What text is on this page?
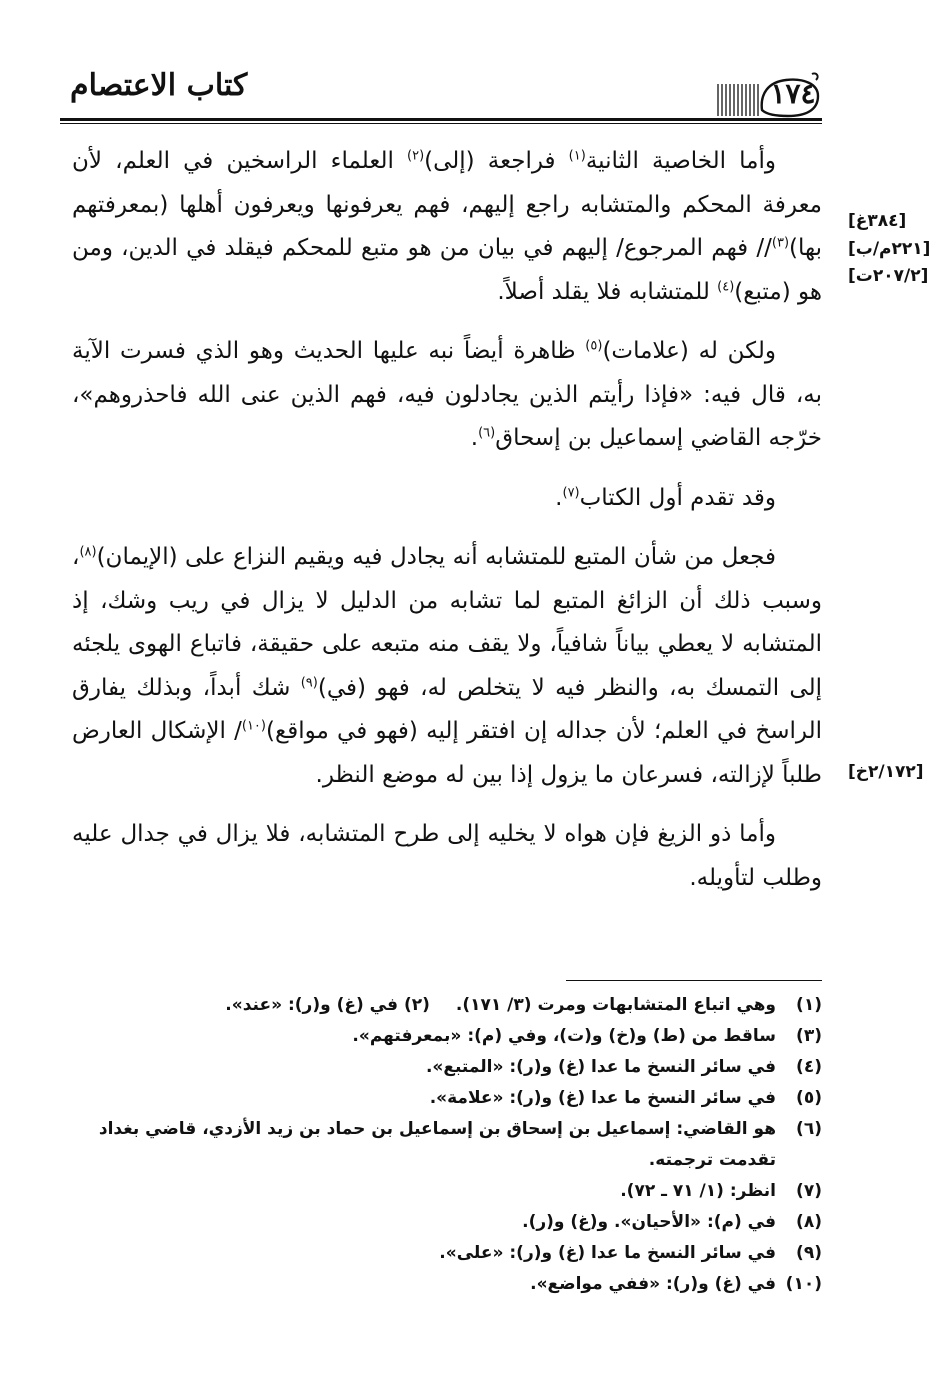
كتاب الاعتصام	١٧٤
[٣٨٤غ]
[٢٢١م/ب]
[٢٠٧/٢ت]
[٢/١٧٢خ]

وأما الخاصية الثانية$^{(١)}$ فراجعة (إلى)$^{(٢)}$ العلماء الراسخين في العلم، لأن معرفة المحكم والمتشابه راجع إليهم، فهم يعرفونها ويعرفون أهلها (بمعرفتهم بها)$^{(٣)}$// فهم المرجوع/ إليهم في بيان من هو متبع للمحكم فيقلد في الدين، ومن هو (متبع)$^{(٤)}$ للمتشابه فلا يقلد أصلاً.

ولكن له (علامات)$^{(٥)}$ ظاهرة أيضاً نبه عليها الحديث وهو الذي فسرت الآية به، قال فيه: «فإذا رأيتم الذين يجادلون فيه، فهم الذين عنى الله فاحذروهم»، خرّجه القاضي إسماعيل بن إسحاق$^{(٦)}$.

وقد تقدم أول الكتاب$^{(٧)}$.

فجعل من شأن المتبع للمتشابه أنه يجادل فيه ويقيم النزاع على (الإيمان)$^{(٨)}$، وسبب ذلك أن الزائغ المتبع لما تشابه من الدليل لا يزال في ريب وشك، إذ المتشابه لا يعطي بياناً شافياً، ولا يقف منه متبعه على حقيقة، فاتباع الهوى يلجئه إلى التمسك به، والنظر فيه لا يتخلص له، فهو (في)$^{(٩)}$ شك أبداً، وبذلك يفارق الراسخ في العلم؛ لأن جداله إن افتقر إليه (فهو في مواقع)$^{(١٠)}$/ الإشكال العارض طلباً لإزالته، فسرعان ما يزول إذا بين له موضع النظر.

وأما ذو الزيغ فإن هواه لا يخليه إلى طرح المتشابه، فلا يزال في جدال عليه وطلب لتأويله.

(١)
وهي اتباع المتشابهات ومرت (٣/ ١٧١).(٢) في (غ) و(ر): «عند».
(٣)
ساقط من (ط) و(خ) و(ت)، وفي (م): «بمعرفتهم».
(٤)
في سائر النسخ ما عدا (غ) و(ر): «المتبع».
(٥)
في سائر النسخ ما عدا (غ) و(ر): «علامة».
(٦)
هو القاضي: إسماعيل بن إسحاق بن إسماعيل بن حماد بن زيد الأزدي، قاضي بغداد تقدمت ترجمته.
(٧)
انظر: (١/ ٧١ ـ ٧٢).
(٨)
في (م): «الأحيان». و(غ) و(ر).
(٩)
في سائر النسخ ما عدا (غ) و(ر): «على».
(١٠)
في (غ) و(ر): «ففي مواضع».
